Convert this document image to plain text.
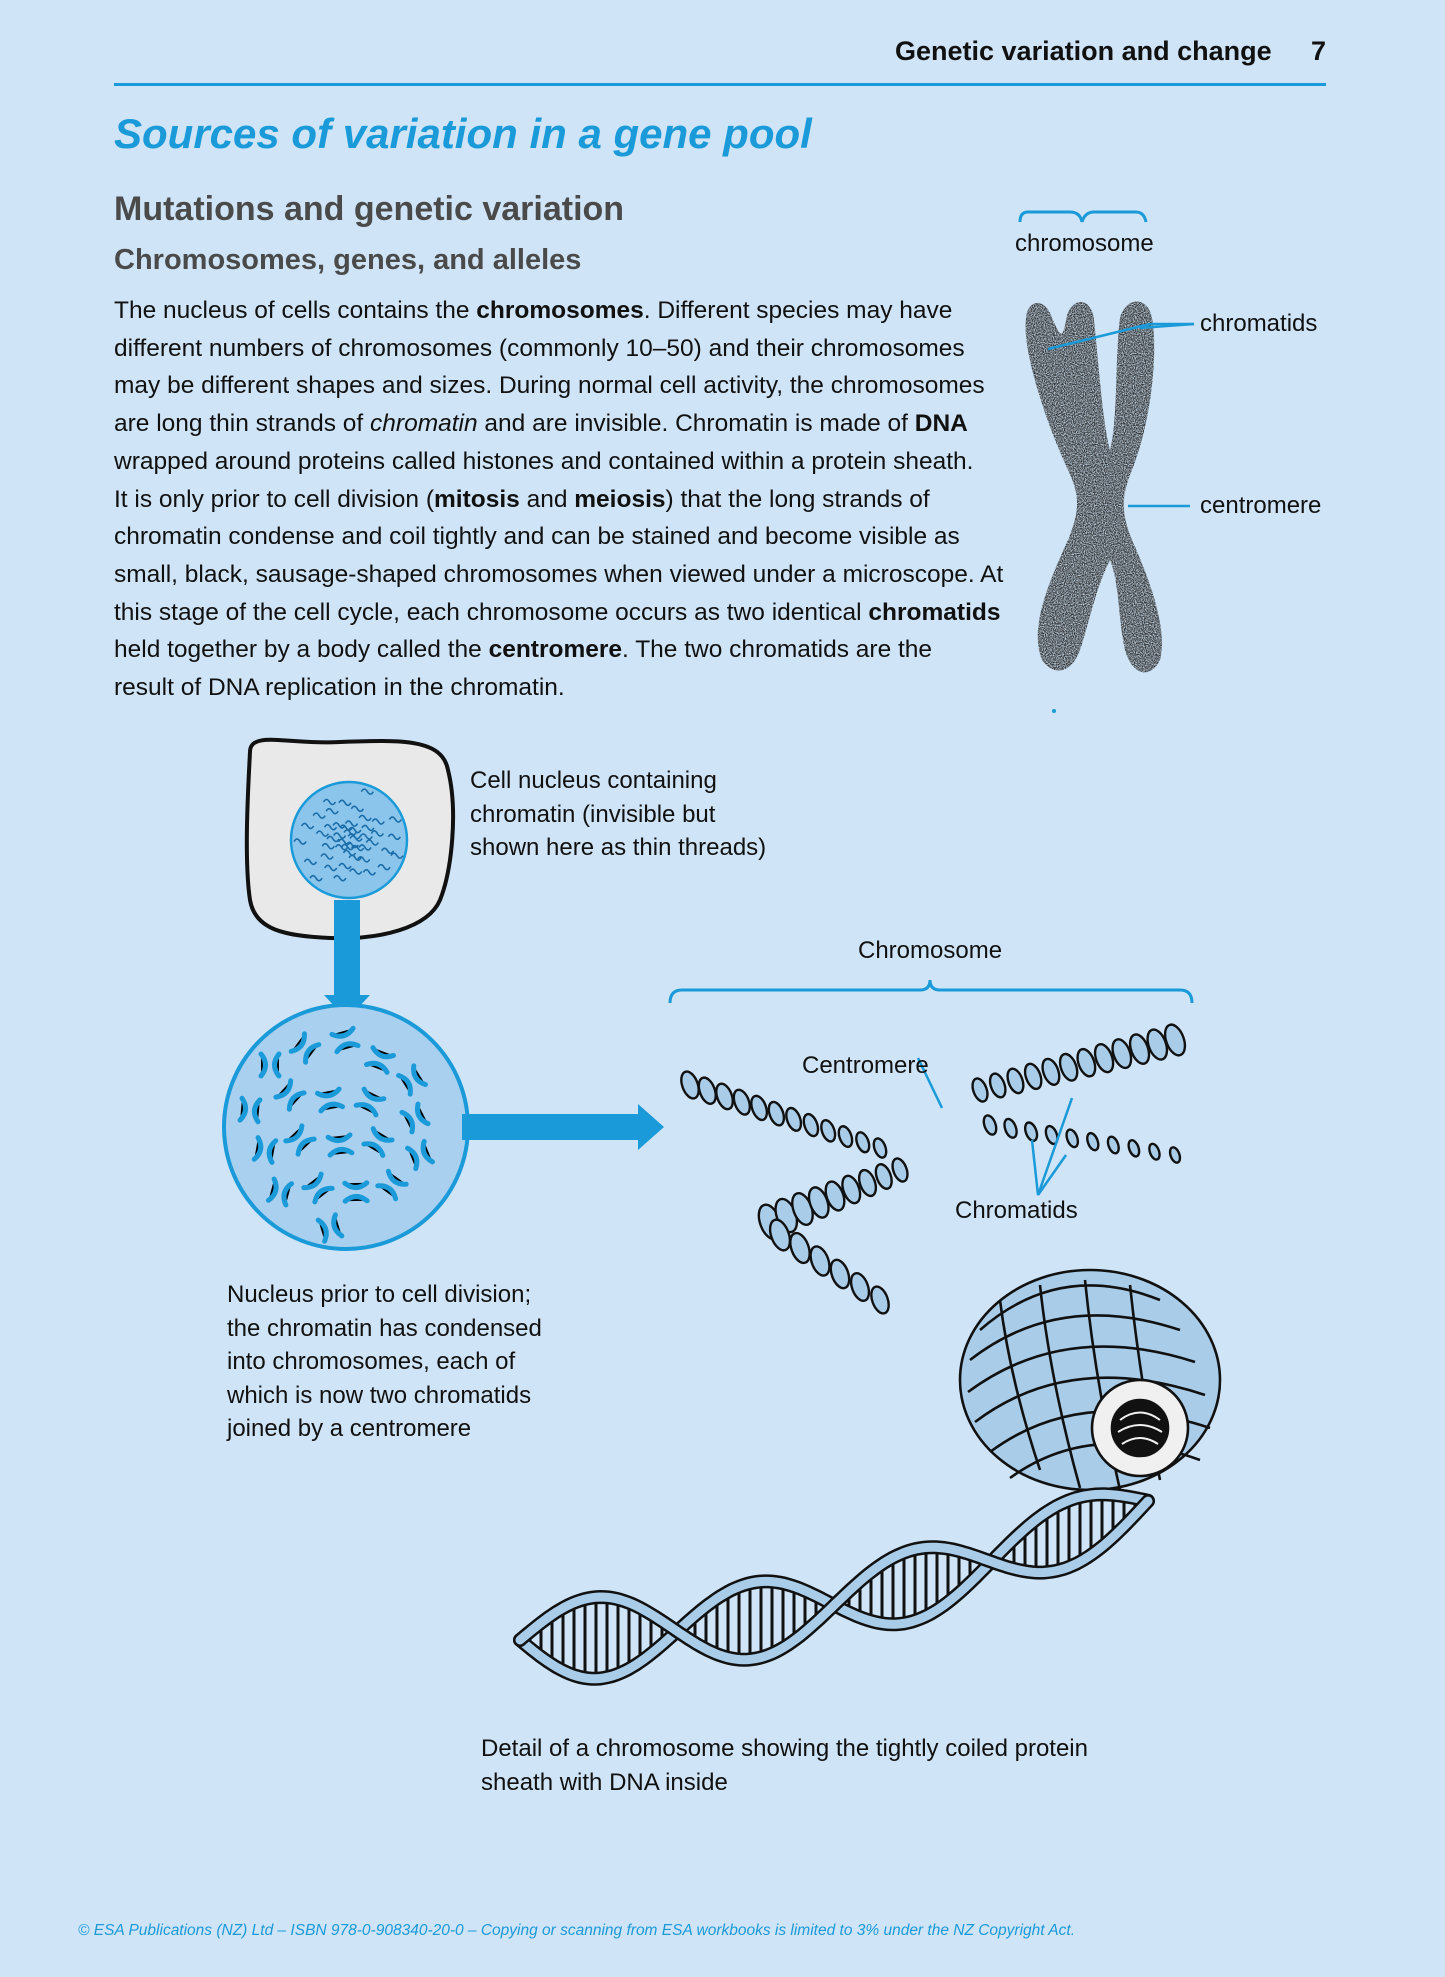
Genetic variation and change 7
Sources of variation in a gene pool
Mutations and genetic variation
Chromosomes, genes, and alleles
The nucleus of cells contains the chromosomes. Different species may have
different numbers of chromosomes (commonly 10–50) and their chromosomes
may be different shapes and sizes. During normal cell activity, the chromosomes
are long thin strands of chromatin and are invisible. Chromatin is made of DNA
wrapped around proteins called histones and contained within a protein sheath.
It is only prior to cell division (mitosis and meiosis) that the long strands of
chromatin condense and coil tightly and can be stained and become visible as
small, black, sausage-shaped chromosomes when viewed under a microscope. At
this stage of the cell cycle, each chromosome occurs as two identical chromatids
held together by a body called the centromere. The two chromatids are the
result of DNA replication in the chromatin.
chromosome
chromatids
centromere
Cell nucleus containing
chromatin (invisible but
shown here as thin threads)
Nucleus prior to cell division;
the chromatin has condensed
into chromosomes, each of
which is now two chromatids
joined by a centromere
Chromosome
Centromere
Chromatids
Detail of a chromosome showing the tightly coiled protein
sheath with DNA inside
© ESA Publications (NZ) Ltd – ISBN 978-0-908340-20-0 – Copying or scanning from ESA workbooks is limited to 3% under the NZ Copyright Act.
